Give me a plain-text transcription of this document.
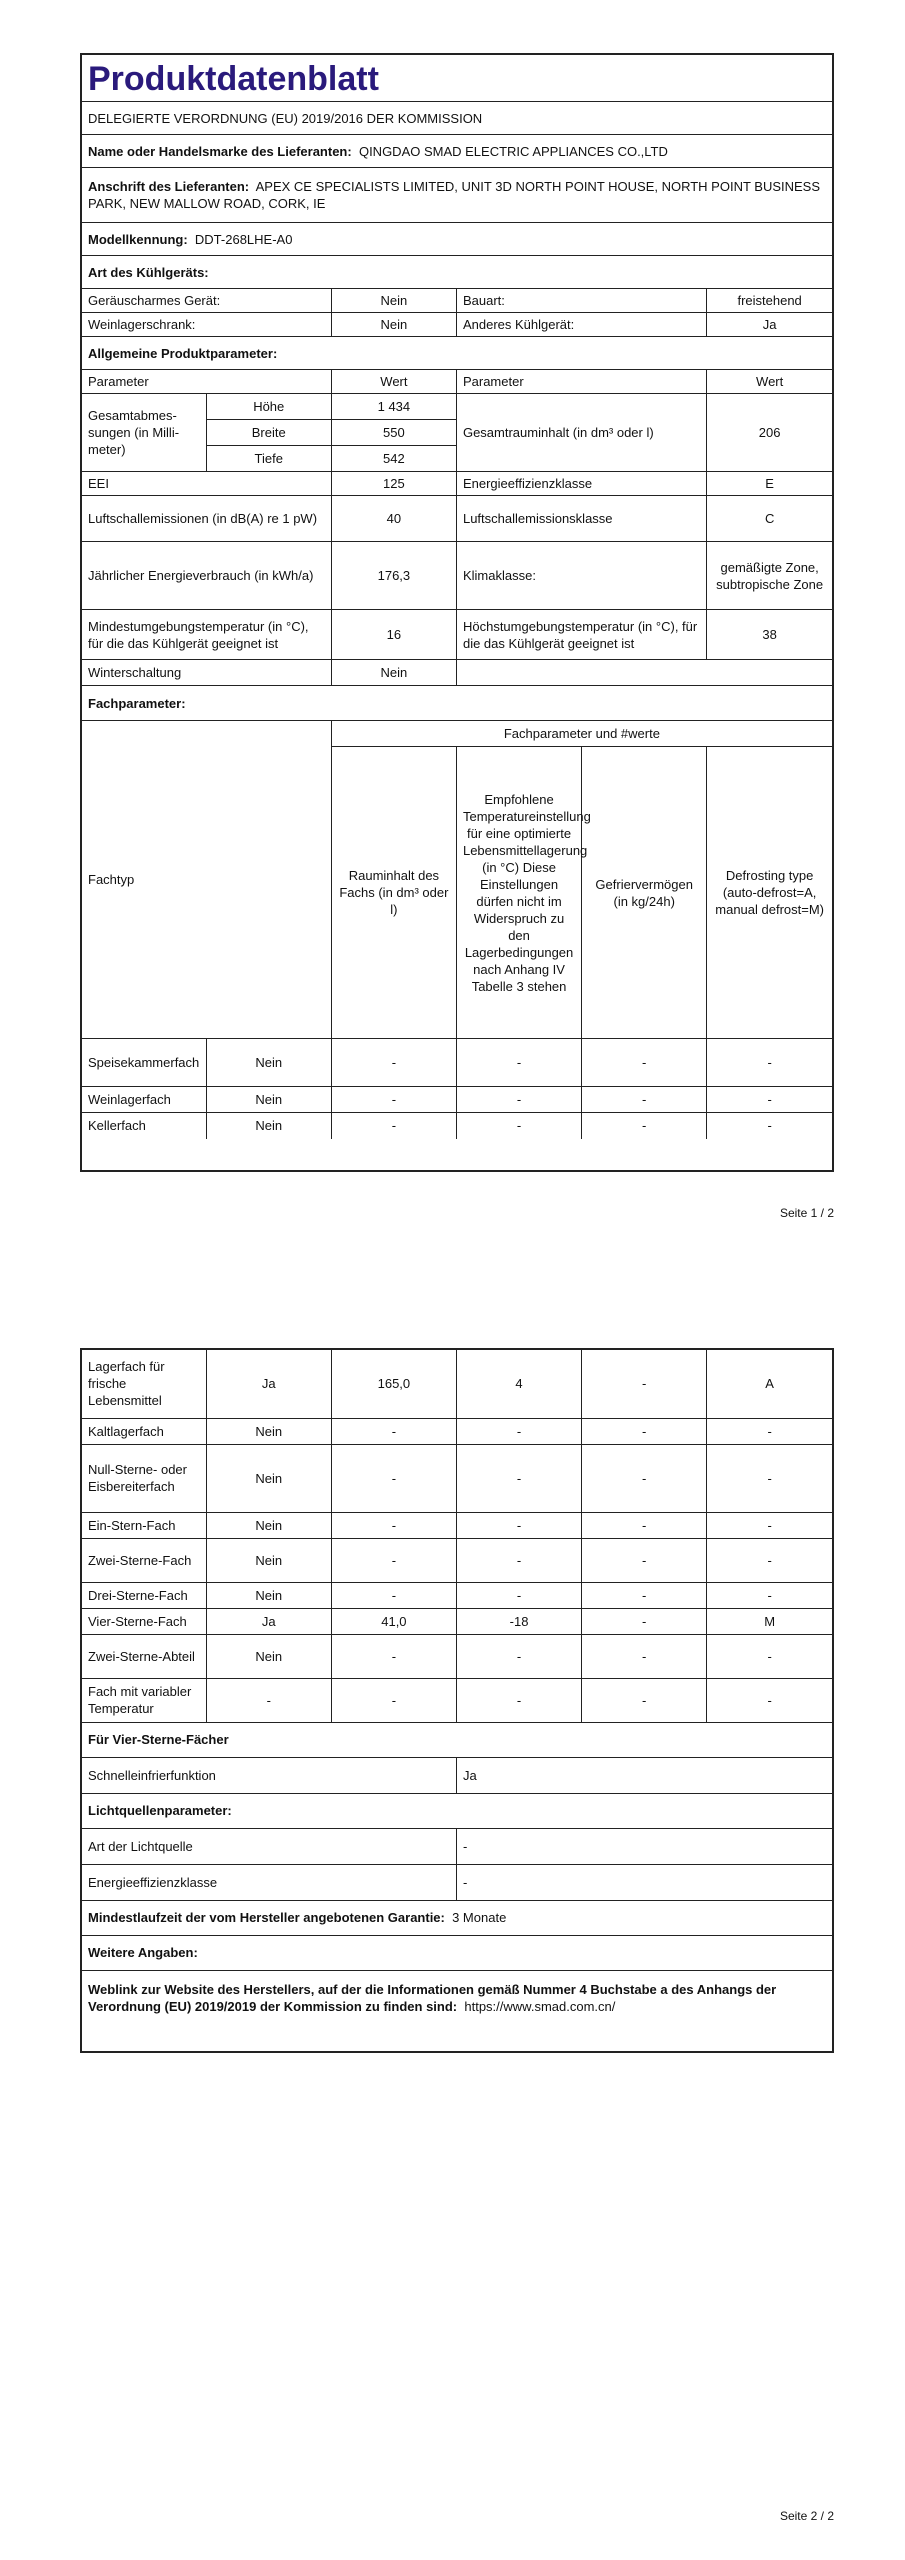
Produktdatenblatt					
DELEGIERTE VERORDNUNG (EU) 2019/2016 DER KOMMISSION					
Name oder Handelsmarke des Lieferanten: QINGDAO SMAD ELECTRIC APPLIANCES CO.,LTD					
Anschrift des Lieferanten: APEX CE SPECIALISTS LIMITED, UNIT 3D NORTH POINT HOUSE, NORTH POINT BUSINESS PARK, NEW MALLOW ROAD, CORK, IE					
Modellkennung: DDT-268LHE-A0					
Art des Kühlgeräts:					
Geräuscharmes Gerät:		Nein	Bauart:		freistehend
Weinlagerschrank:		Nein	Anderes Kühlgerät:		Ja
Allgemeine Produktparameter:					
Parameter		Wert	Parameter		Wert
Gesamtabmes-sungen (in Milli-meter)	Höhe	1 434	Gesamtrauminhalt (in dm³ oder l)		206
	Breite	550			
	Tiefe	542			
EEI		125	Energieeffizienzklasse		E
Luftschallemissionen (in dB(A) re 1 pW)		40	Luftschallemissionsklasse		C
Jährlicher Energieverbrauch (in kWh/a)		176,3	Klimaklasse:		gemäßigte Zone, subtropische Zone
Mindestumgebungstemperatur (in °C), für die das Kühlgerät geeignet ist		16	Höchstumgebungstemperatur (in °C), für die das Kühlgerät geeignet ist		38
Winterschaltung		Nein			
Fachparameter:					
Fachtyp		Fachparameter und #werte			
		Rauminhalt des Fachs (in dm³ oder l)	Empfohlene Temperatureinstellung für eine optimierte Lebensmittellagerung (in °C) Diese Einstellungen dürfen nicht im Widerspruch zu den Lagerbedingungen nach Anhang IV Tabelle 3 stehen	Gefriervermögen (in kg/24h)	Defrosting type (auto-defrost=A, manual defrost=M)
Speisekammerfach	Nein	-	-	-	-
Weinlagerfach	Nein	-	-	-	-
Kellerfach	Nein	-	-	-	-
Seite 1 / 2
Lagerfach für frische Lebensmittel	Ja	165,0	4	-	A
Kaltlagerfach	Nein	-	-	-	-
Null-Sterne- oder Eisbereiterfach	Nein	-	-	-	-
Ein-Stern-Fach	Nein	-	-	-	-
Zwei-Sterne-Fach	Nein	-	-	-	-
Drei-Sterne-Fach	Nein	-	-	-	-
Vier-Sterne-Fach	Ja	41,0	-18	-	M
Zwei-Sterne-Abteil	Nein	-	-	-	-
Fach mit variabler Temperatur	-	-	-	-	-
Für Vier-Sterne-Fächer					
Schnelleinfrierfunktion			Ja		
Lichtquellenparameter:					
Art der Lichtquelle			-		
Energieeffizienzklasse			-		
Mindestlaufzeit der vom Hersteller angebotenen Garantie: 3 Monate					
Weitere Angaben:					
Weblink zur Website des Herstellers, auf der die Informationen gemäß Nummer 4 Buchstabe a des Anhangs der Verordnung (EU) 2019/2019 der Kommission zu finden sind: https://www.smad.com.cn/					
Seite 2 / 2
